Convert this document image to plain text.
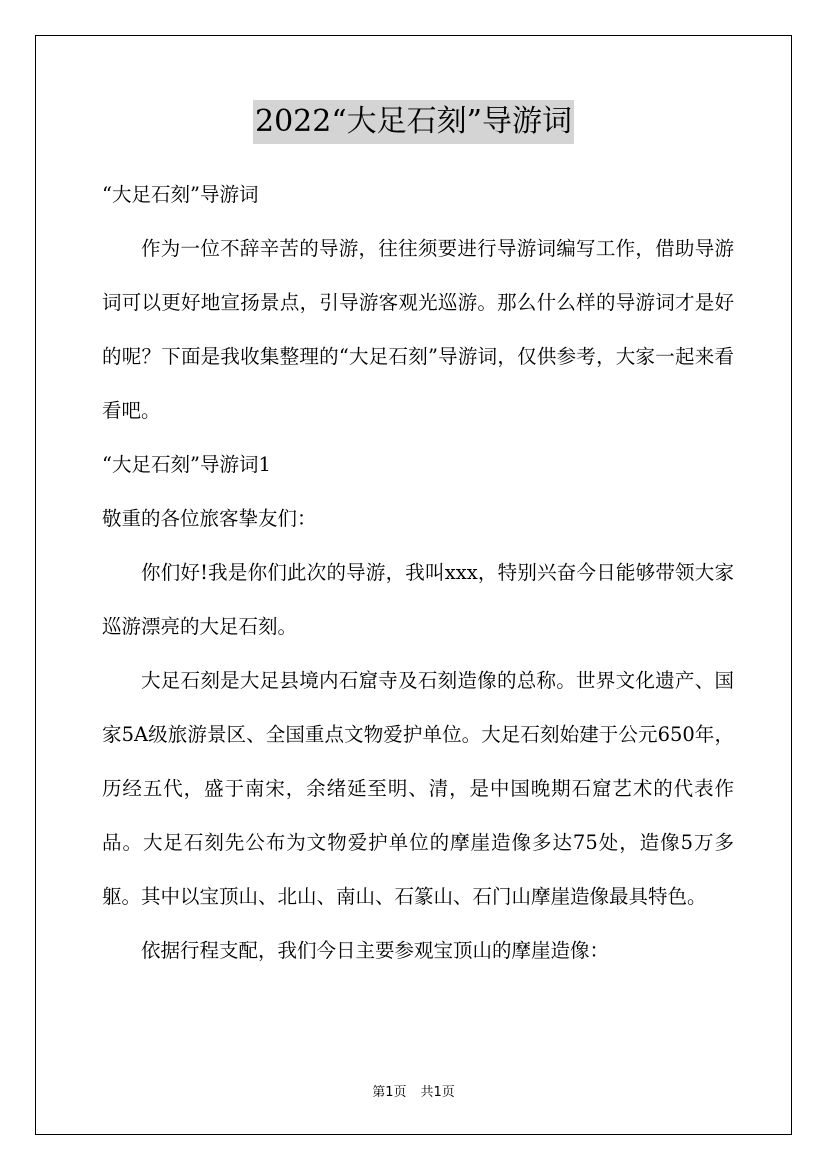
2022“大足石刻”导游词

“大足石刻”导游词

作为一位不辞辛苦的导游，往往须要进行导游词编写工作，借助导游词可以更好地宣扬景点，引导游客观光巡游。那么什么样的导游词才是好的呢？下面是我收集整理的“大足石刻”导游词，仅供参考，大家一起来看看吧。

“大足石刻”导游词1

敬重的各位旅客挚友们：

你们好!我是你们此次的导游，我叫xxx，特别兴奋今日能够带领大家巡游漂亮的大足石刻。

大足石刻是大足县境内石窟寺及石刻造像的总称。世界文化遗产、国家5A级旅游景区、全国重点文物爱护单位。大足石刻始建于公元650年，历经五代，盛于南宋，余绪延至明、清，是中国晚期石窟艺术的代表作品。大足石刻先公布为文物爱护单位的摩崖造像多达75处，造像5万多躯。其中以宝顶山、北山、南山、石篆山、石门山摩崖造像最具特色。

依据行程支配，我们今日主要参观宝顶山的摩崖造像：

第1页 共1页
